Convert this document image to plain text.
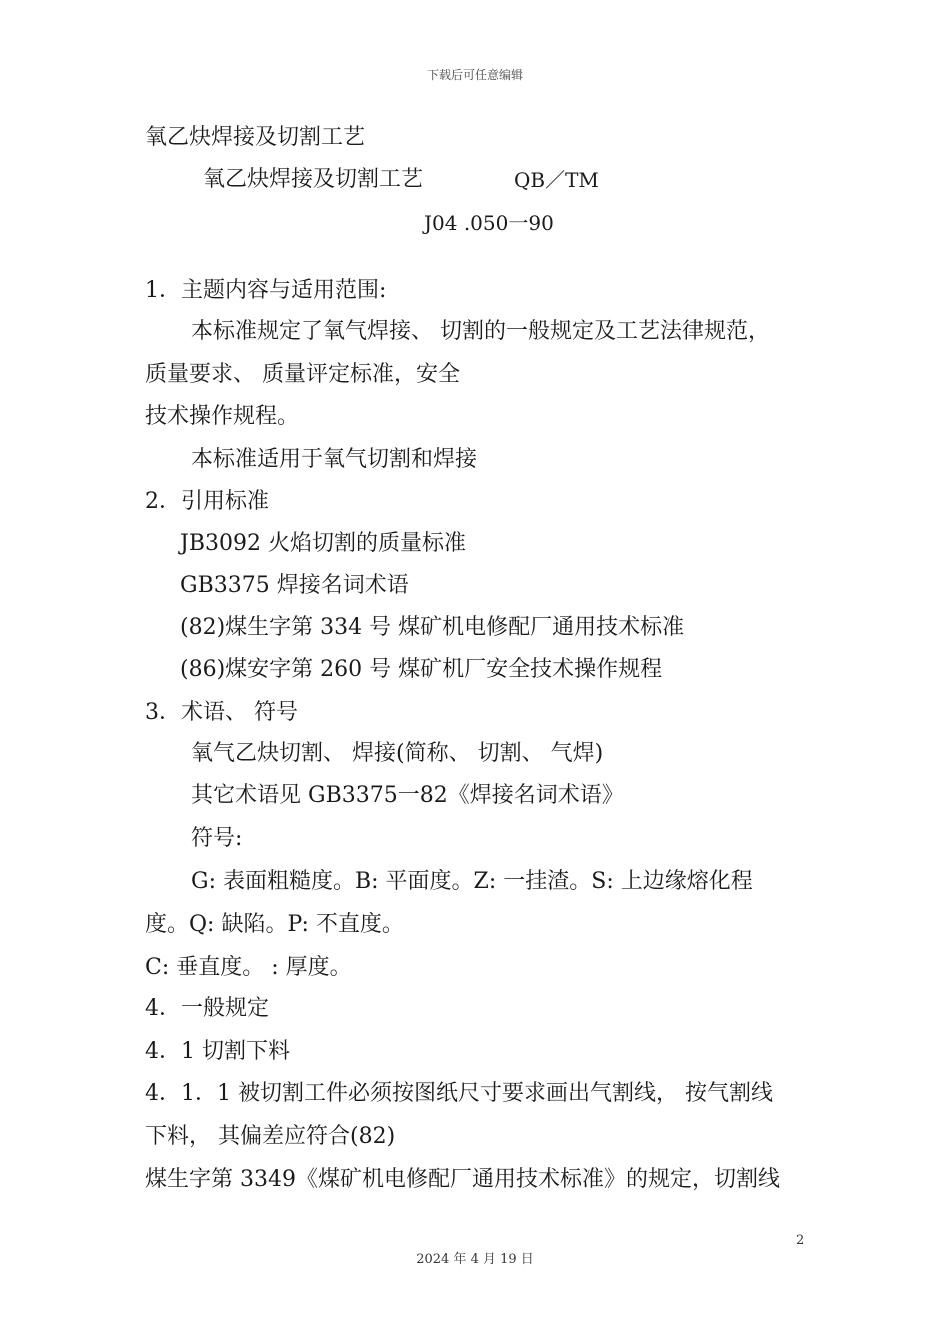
下载后可任意编辑
氧乙炔焊接及切割工艺
氧乙炔焊接及切割工艺	QB／TM
J04 .050一90
1．主题内容与适用范围:
本标准规定了氧气焊接、 切割的一般规定及工艺法律规范，
质量要求、 质量评定标准，安全
技术操作规程。
本标准适用于氧气切割和焊接
2．引用标准
JB3092 火焰切割的质量标准
GB3375 焊接名词术语
(82)煤生字第 334 号 煤矿机电修配厂通用技术标准
(86)煤安字第 260 号 煤矿机厂安全技术操作规程
3．术语、 符号
氧气乙炔切割、 焊接(简称、 切割、 气焊)
其它术语见 GB3375一82《焊接名词术语》
符号:
G: 表面粗糙度。B: 平面度。Z: 一挂渣。S: 上边缘熔化程
度。Q: 缺陷。P: 不直度。
C: 垂直度。 : 厚度。
4．一般规定
4．1 切割下料
4．1．1 被切割工件必须按图纸尺寸要求画出气割线， 按气割线
下料， 其偏差应符合(82)
煤生字第 3349《煤矿机电修配厂通用技术标准》的规定，切割线
2
2024 年 4 月 19 日
